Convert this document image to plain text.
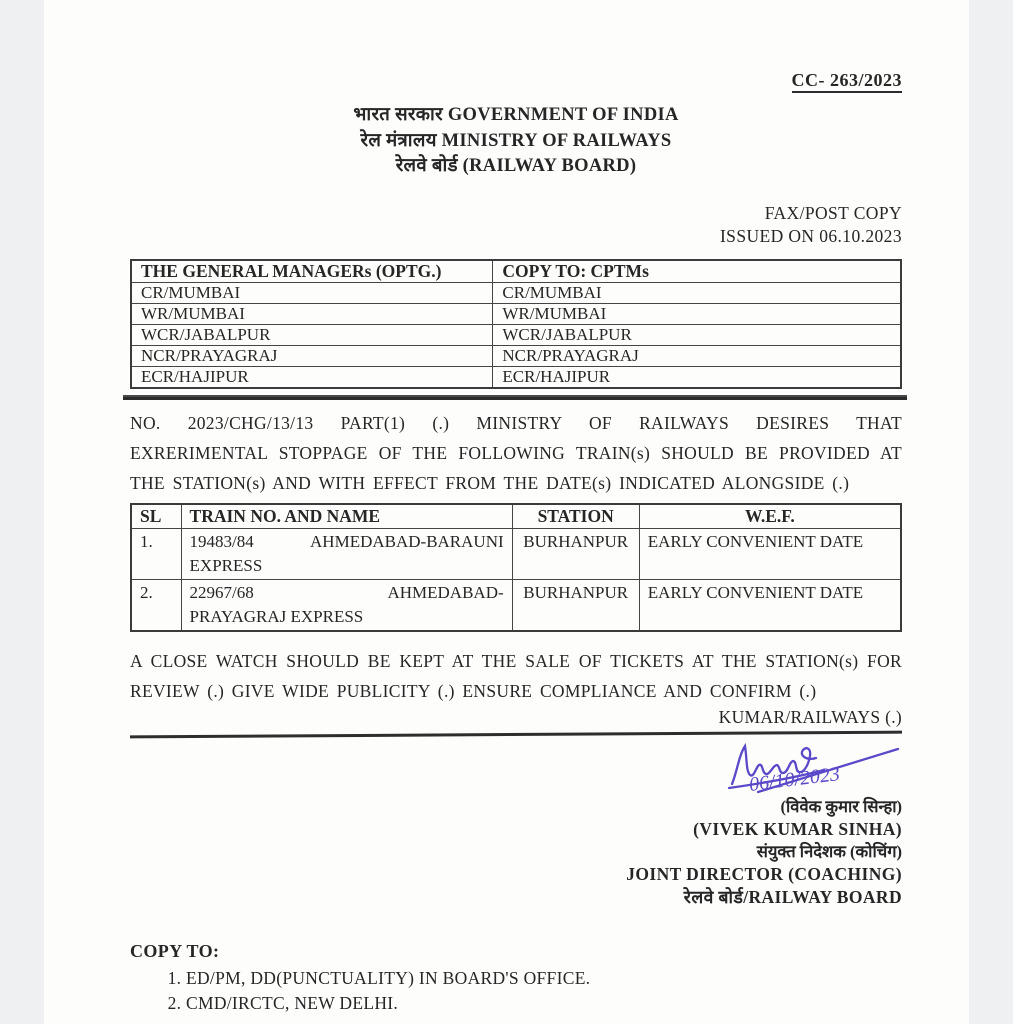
CC- 263/2023
भारत सरकार GOVERNMENT OF INDIA
रेल मंत्रालय MINISTRY OF RAILWAYS
रेलवे बोर्ड (RAILWAY BOARD)
FAX/POST COPY
ISSUED ON 06.10.2023
THE GENERAL MANAGERs (OPTG.)	COPY TO: CPTMs
CR/MUMBAI	CR/MUMBAI
WR/MUMBAI	WR/MUMBAI
WCR/JABALPUR	WCR/JABALPUR
NCR/PRAYAGRAJ	NCR/PRAYAGRAJ
ECR/HAJIPUR	ECR/HAJIPUR
NO. 2023/CHG/13/13 PART(1) (.) MINISTRY OF RAILWAYS DESIRES THAT
EXRERIMENTAL STOPPAGE OF THE FOLLOWING TRAIN(s) SHOULD BE PROVIDED AT
THE STATION(s) AND WITH EFFECT FROM THE DATE(s) INDICATED ALONGSIDE (.)
SL	TRAIN NO. AND NAME	STATION	W.E.F.
1.	19483/84 AHMEDABAD-BARAUNI
EXPRESS	BURHANPUR	EARLY CONVENIENT DATE
2.	22967/68 AHMEDABAD-
PRAYAGRAJ EXPRESS	BURHANPUR	EARLY CONVENIENT DATE
A CLOSE WATCH SHOULD BE KEPT AT THE SALE OF TICKETS AT THE STATION(s) FOR
REVIEW (.) GIVE WIDE PUBLICITY (.) ENSURE COMPLIANCE AND CONFIRM (.)
KUMAR/RAILWAYS (.)
06/10/2023
(विवेक कुमार सिन्हा)
(VIVEK KUMAR SINHA)
संयुक्त निदेशक (कोचिंग)
JOINT DIRECTOR (COACHING)
रेलवे बोर्ड/RAILWAY BOARD
COPY TO:
1. ED/PM, DD(PUNCTUALITY) IN BOARD'S OFFICE.
2. CMD/IRCTC, NEW DELHI.
